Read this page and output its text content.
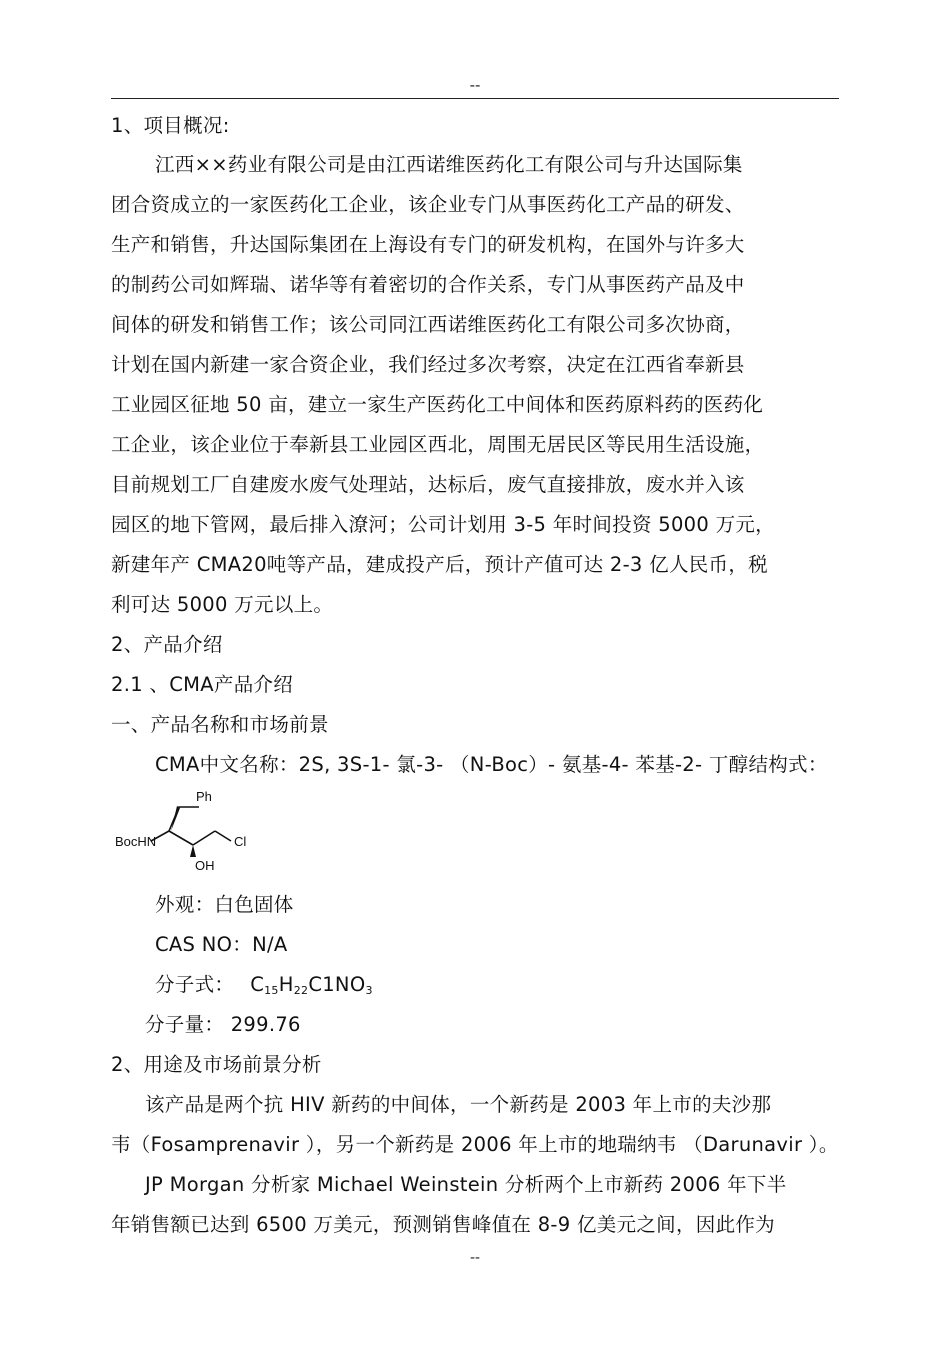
--
1、项目概况:
江西××药业有限公司是由江西诺维医药化工有限公司与升达国际集
团合资成立的一家医药化工企业，该企业专门从事医药化工产品的研发、
生产和销售，升达国际集团在上海设有专门的研发机构，在国外与许多大
的制药公司如辉瑞、诺华等有着密切的合作关系，专门从事医药产品及中
间体的研发和销售工作；该公司同江西诺维医药化工有限公司多次协商，
计划在国内新建一家合资企业，我们经过多次考察，决定在江西省奉新县
工业园区征地 50 亩，建立一家生产医药化工中间体和医药原料药的医药化
工企业，该企业位于奉新县工业园区西北，周围无居民区等民用生活设施，
目前规划工厂自建废水废气处理站，达标后，废气直接排放，废水并入该
园区的地下管网，最后排入潦河；公司计划用 3-5 年时间投资 5000 万元，
新建年产 CMA20吨等产品，建成投产后，预计产值可达 2-3 亿人民币，税
利可达 5000 万元以上。
2、产品介绍
2.1 、CMA产品介绍
一、产品名称和市场前景
CMA中文名称：2S, 3S-1- 氯-3- （N-Boc）- 氨基-4- 苯基-2- 丁醇结构式：
Ph
BocHN	Cl
OH
外观：白色固体
CAS NO：N/A
分子式： $C_{15}H_{22}C1NO_3$
分子量： 299.76
2、用途及市场前景分析
该产品是两个抗 HIV 新药的中间体，一个新药是 2003 年上市的夫沙那
韦（Fosamprenavir ），另一个新药是 2006 年上市的地瑞纳韦 （Darunavir ）。
JP Morgan 分析家 Michael Weinstein 分析两个上市新药 2006 年下半
年销售额已达到 6500 万美元，预测销售峰值在 8-9 亿美元之间，因此作为
--
